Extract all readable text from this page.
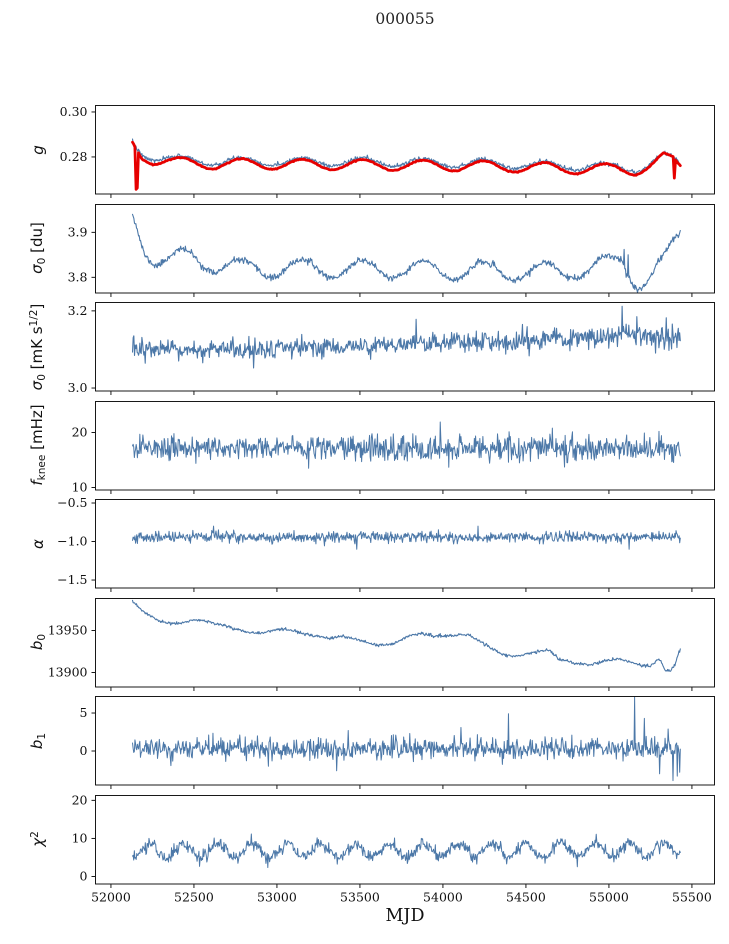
000055
0.30
0.28
3.9
3.8
3.2
3.0
20
10
−0.5
−1.0
−1.5
13950
13900
5
0
20
10
0
52000	52500	53000	53500	54000	54500	55000	55500
MJD
g
$\sigma_0$ [du]
$\sigma_0$ [mK $s^{1/2}$]
$f_{knee}$ [mHz]
α
$b_0$
$b_1$
$\chi^2$
